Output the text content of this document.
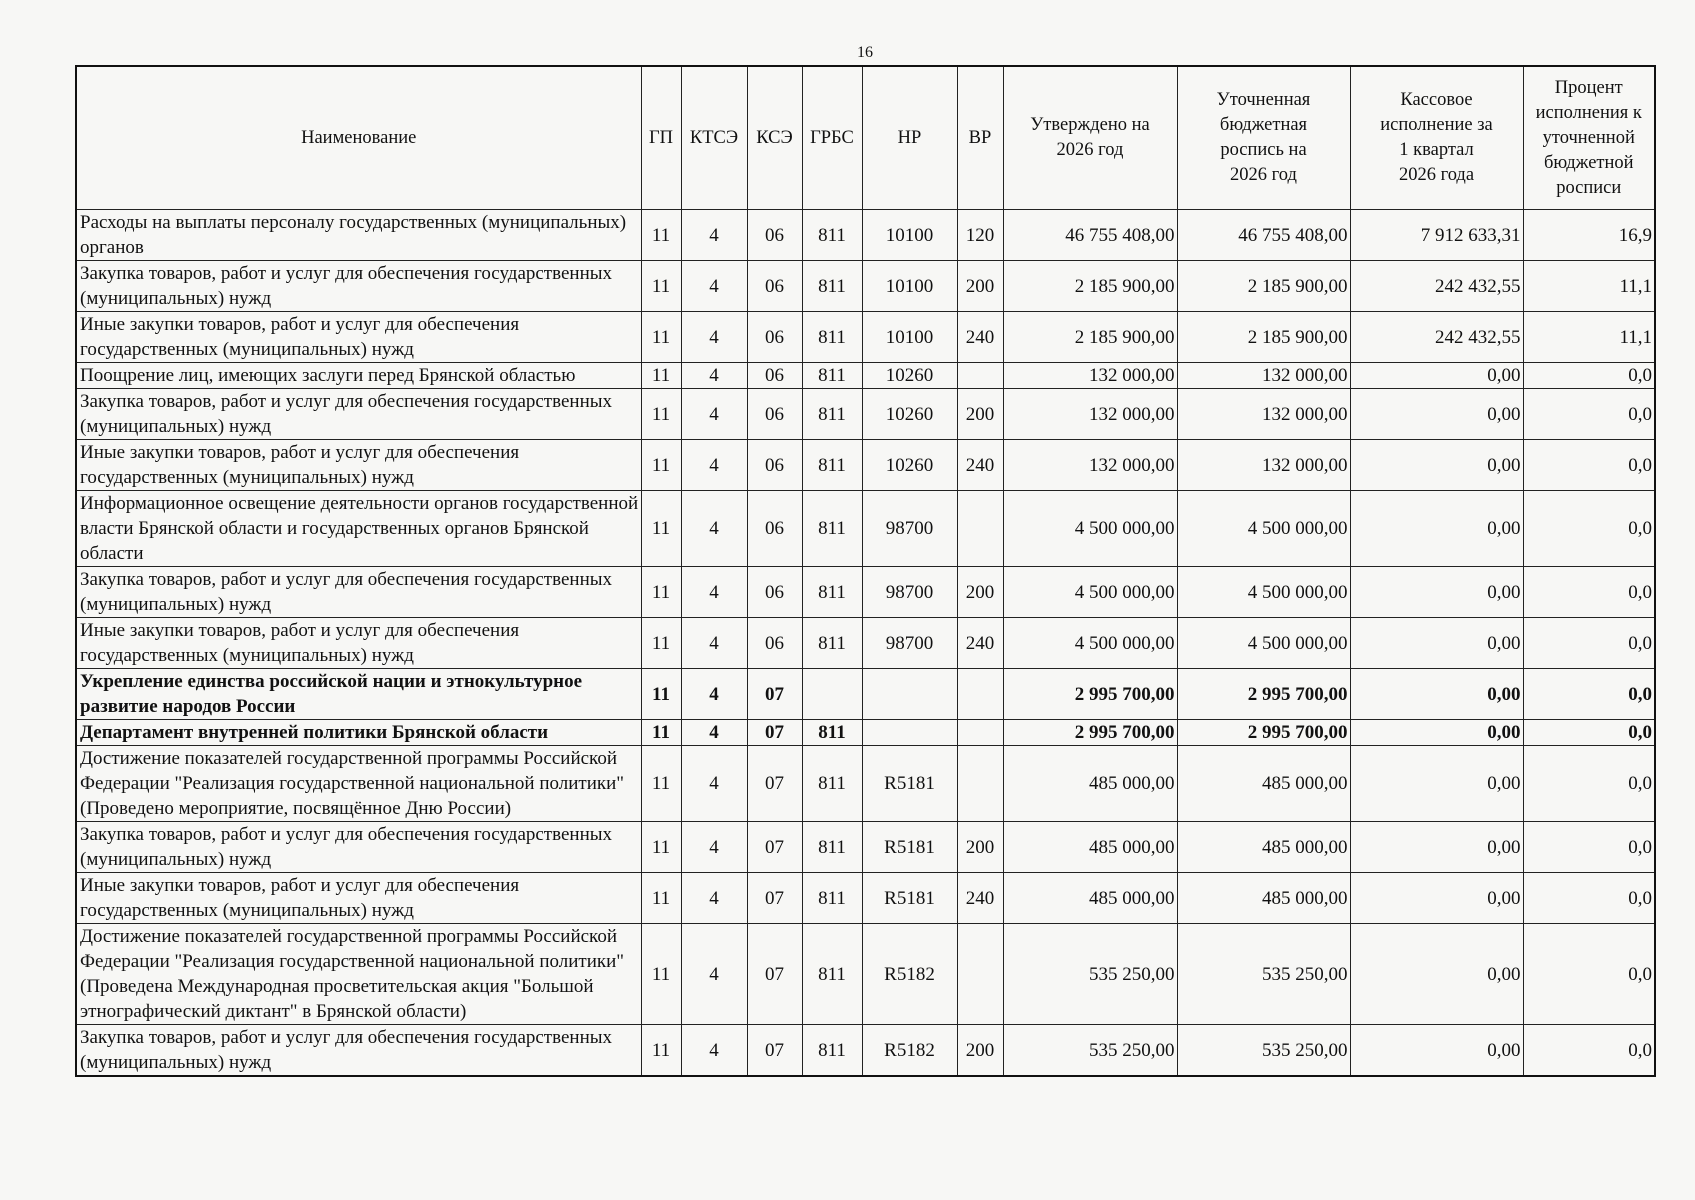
16
Наименование	ГП	КТСЭ	КСЭ	ГРБС	НР	ВР	Утверждено на 2026 год	Уточненная бюджетная роспись на 2026 год	Кассовое исполнение за 1 квартал 2026 года	Процент исполнения к уточненной бюджетной росписи
Расходы на выплаты персоналу государственных (муниципальных) органов	11	4	06	811	10100	120	46 755 408,00	46 755 408,00	7 912 633,31	16,9
Закупка товаров, работ и услуг для обеспечения государственных (муниципальных) нужд	11	4	06	811	10100	200	2 185 900,00	2 185 900,00	242 432,55	11,1
Иные закупки товаров, работ и услуг для обеспечения государственных (муниципальных) нужд	11	4	06	811	10100	240	2 185 900,00	2 185 900,00	242 432,55	11,1
Поощрение лиц, имеющих заслуги перед Брянской областью	11	4	06	811	10260		132 000,00	132 000,00	0,00	0,0
Закупка товаров, работ и услуг для обеспечения государственных (муниципальных) нужд	11	4	06	811	10260	200	132 000,00	132 000,00	0,00	0,0
Иные закупки товаров, работ и услуг для обеспечения государственных (муниципальных) нужд	11	4	06	811	10260	240	132 000,00	132 000,00	0,00	0,0
Информационное освещение деятельности органов государственной власти Брянской области и государственных органов Брянской области	11	4	06	811	98700		4 500 000,00	4 500 000,00	0,00	0,0
Закупка товаров, работ и услуг для обеспечения государственных (муниципальных) нужд	11	4	06	811	98700	200	4 500 000,00	4 500 000,00	0,00	0,0
Иные закупки товаров, работ и услуг для обеспечения государственных (муниципальных) нужд	11	4	06	811	98700	240	4 500 000,00	4 500 000,00	0,00	0,0
Укрепление единства российской нации и этнокультурное развитие народов России	11	4	07				2 995 700,00	2 995 700,00	0,00	0,0
Департамент внутренней политики Брянской области	11	4	07	811			2 995 700,00	2 995 700,00	0,00	0,0
Достижение показателей государственной программы Российской Федерации "Реализация государственной национальной политики" (Проведено мероприятие, посвящённое Дню России)	11	4	07	811	R5181		485 000,00	485 000,00	0,00	0,0
Закупка товаров, работ и услуг для обеспечения государственных (муниципальных) нужд	11	4	07	811	R5181	200	485 000,00	485 000,00	0,00	0,0
Иные закупки товаров, работ и услуг для обеспечения государственных (муниципальных) нужд	11	4	07	811	R5181	240	485 000,00	485 000,00	0,00	0,0
Достижение показателей государственной программы Российской Федерации "Реализация государственной национальной политики" (Проведена Международная просветительская акция "Большой этнографический диктант" в Брянской области)	11	4	07	811	R5182		535 250,00	535 250,00	0,00	0,0
Закупка товаров, работ и услуг для обеспечения государственных (муниципальных) нужд	11	4	07	811	R5182	200	535 250,00	535 250,00	0,00	0,0
